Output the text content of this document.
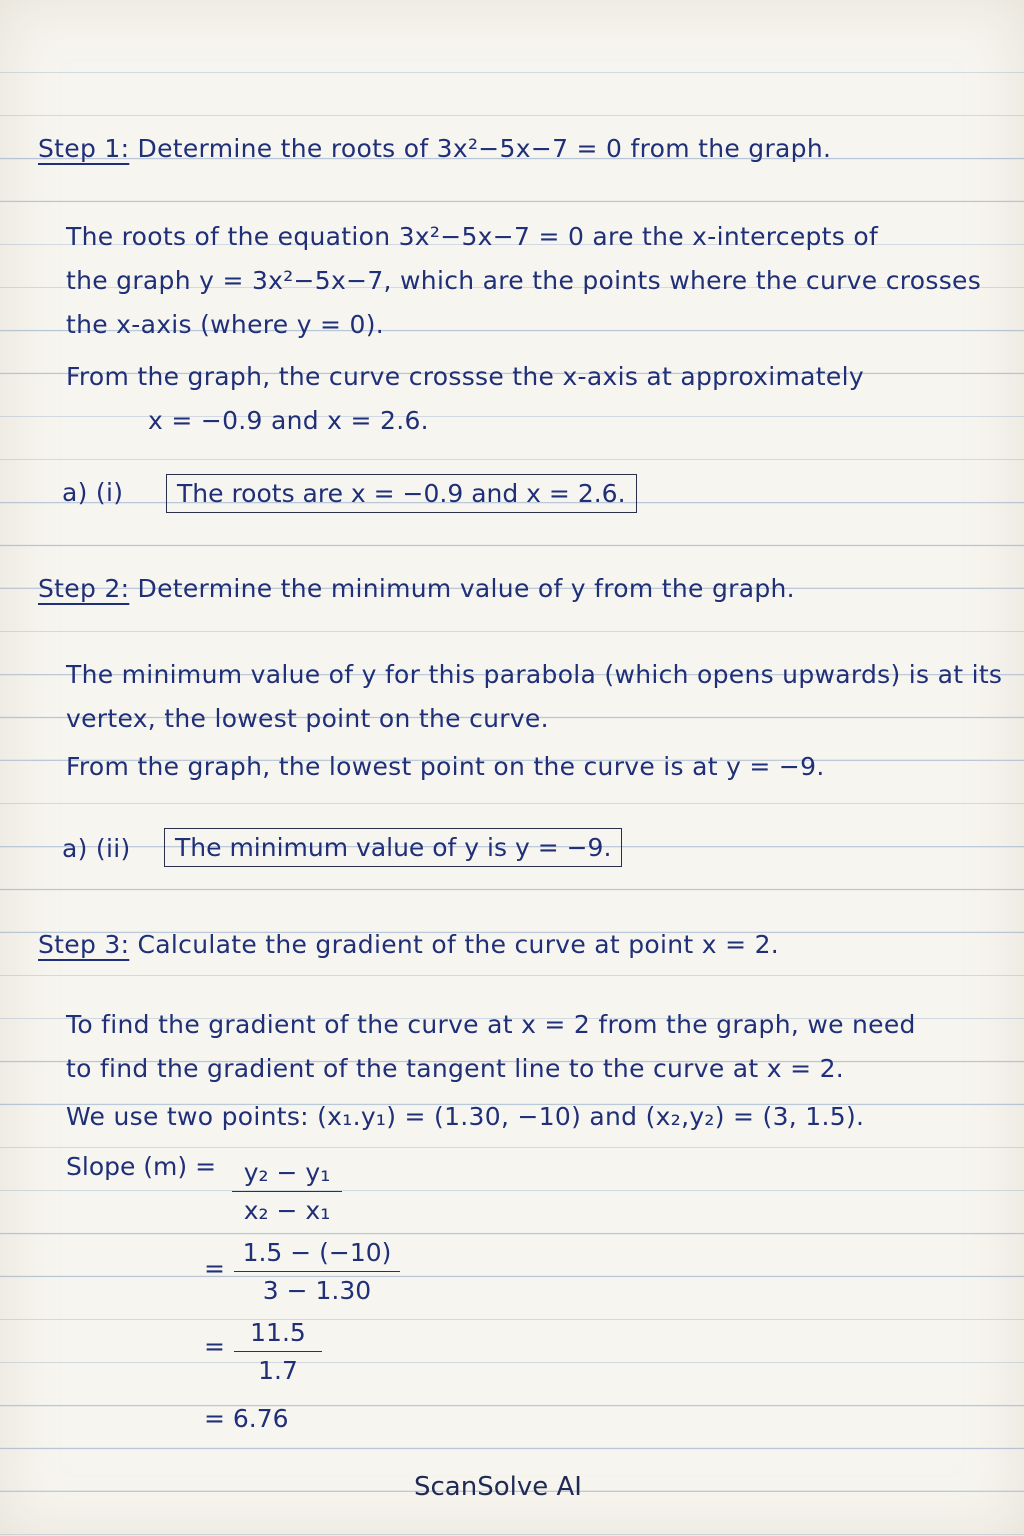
Step 1: Determine the roots of 3x²−5x−7 = 0 from the graph.
The roots of the equation 3x²−5x−7 = 0 are the x-intercepts of
the graph y = 3x²−5x−7, which are the points where the curve crosses
the x-axis (where y = 0).
From the graph, the curve crossse the x-axis at approximately
x = −0.9 and x = 2.6.
a) (i)	The roots are x = −0.9 and x = 2.6.
Step 2: Determine the minimum value of y from the graph.
The minimum value of y for this parabola (which opens upwards) is at its
vertex, the lowest point on the curve.
From the graph, the lowest point on the curve is at y = −9.
a) (ii)	The minimum value of y is y = −9.
Step 3: Calculate the gradient of the curve at point x = 2.
To find the gradient of the curve at x = 2 from the graph, we need
to find the gradient of the tangent line to the curve at x = 2.
We use two points: (x₁.y₁) = (1.30, −10) and (x₂,y₂) = (3, 1.5).
Slope $(m) = \frac{\text{y₂ − y₁}}{\text{x₂ − x₁}}$
= $\frac{1.5 - (-10)}{3 - 1.30}$
= $\frac{11.5}{1.7}$
= 6.76
ScanSolve AI
